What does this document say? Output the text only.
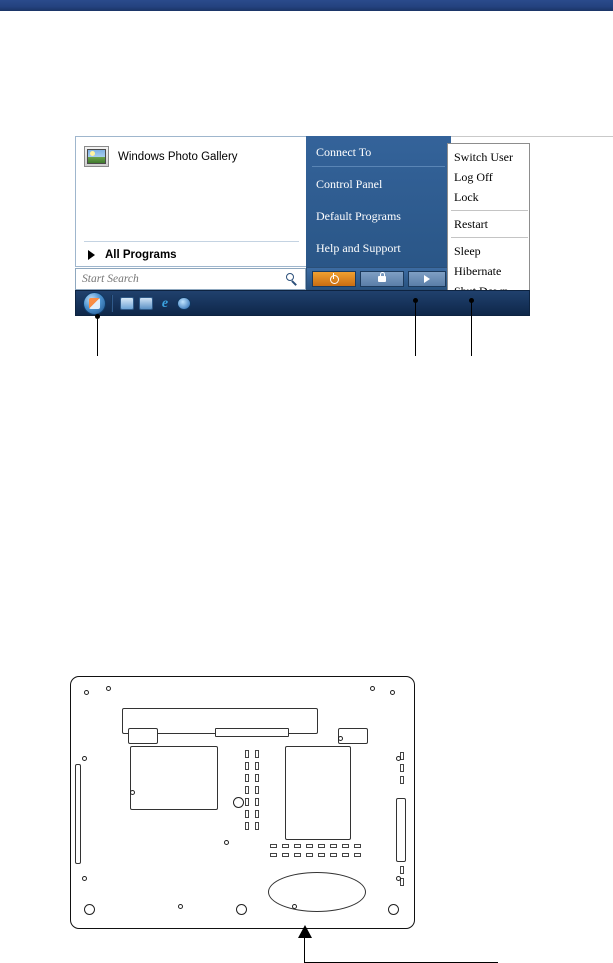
Windows Photo Gallery
All Programs
Start Search
Connect To
Control Panel
Default Programs
Help and Support
Switch User
Log Off
Lock
Restart
Sleep
Hibernate
e
